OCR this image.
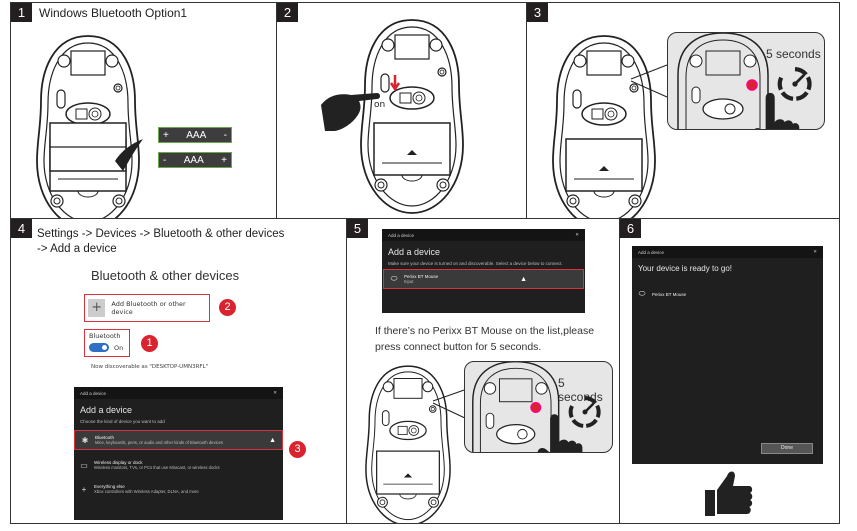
1	Windows Bluetooth Option1
+	AAA	-
-	AAA	+
2
on
3
5 seconds
4	Settings -> Devices -> Bluetooth & other devices
-> Add a device
Bluetooth & other devices
+	Add Bluetooth or other device	2
Bluetooth
On	1
Now discoverable as "DESKTOP-UMN3RFL"
Add a device	✕
Add a device
Choose the kind of device you want to add
✱ Bluetooth
Mice, keyboards, pens, or audio and other kinds of Bluetooth devices	▲
▭ Wireless display or dock
Wireless monitors, TVs, or PCs that use Miracast, or wireless docks
+	Everything else
Xbox controllers with Wireless Adapter, DLNA, and more
3
5	Add a device	✕
Add a device
Make sure your device is turned on and discoverable. Select a device below to connect.
⬭ Perixx BT Mouse
Input	▲
If there’s no Perixx BT Mouse on the list,please
press connect button for 5 seconds.
5 seconds
6
Add a device	✕
Your device is ready to go!
⬭ Perixx BT Mouse
Done
